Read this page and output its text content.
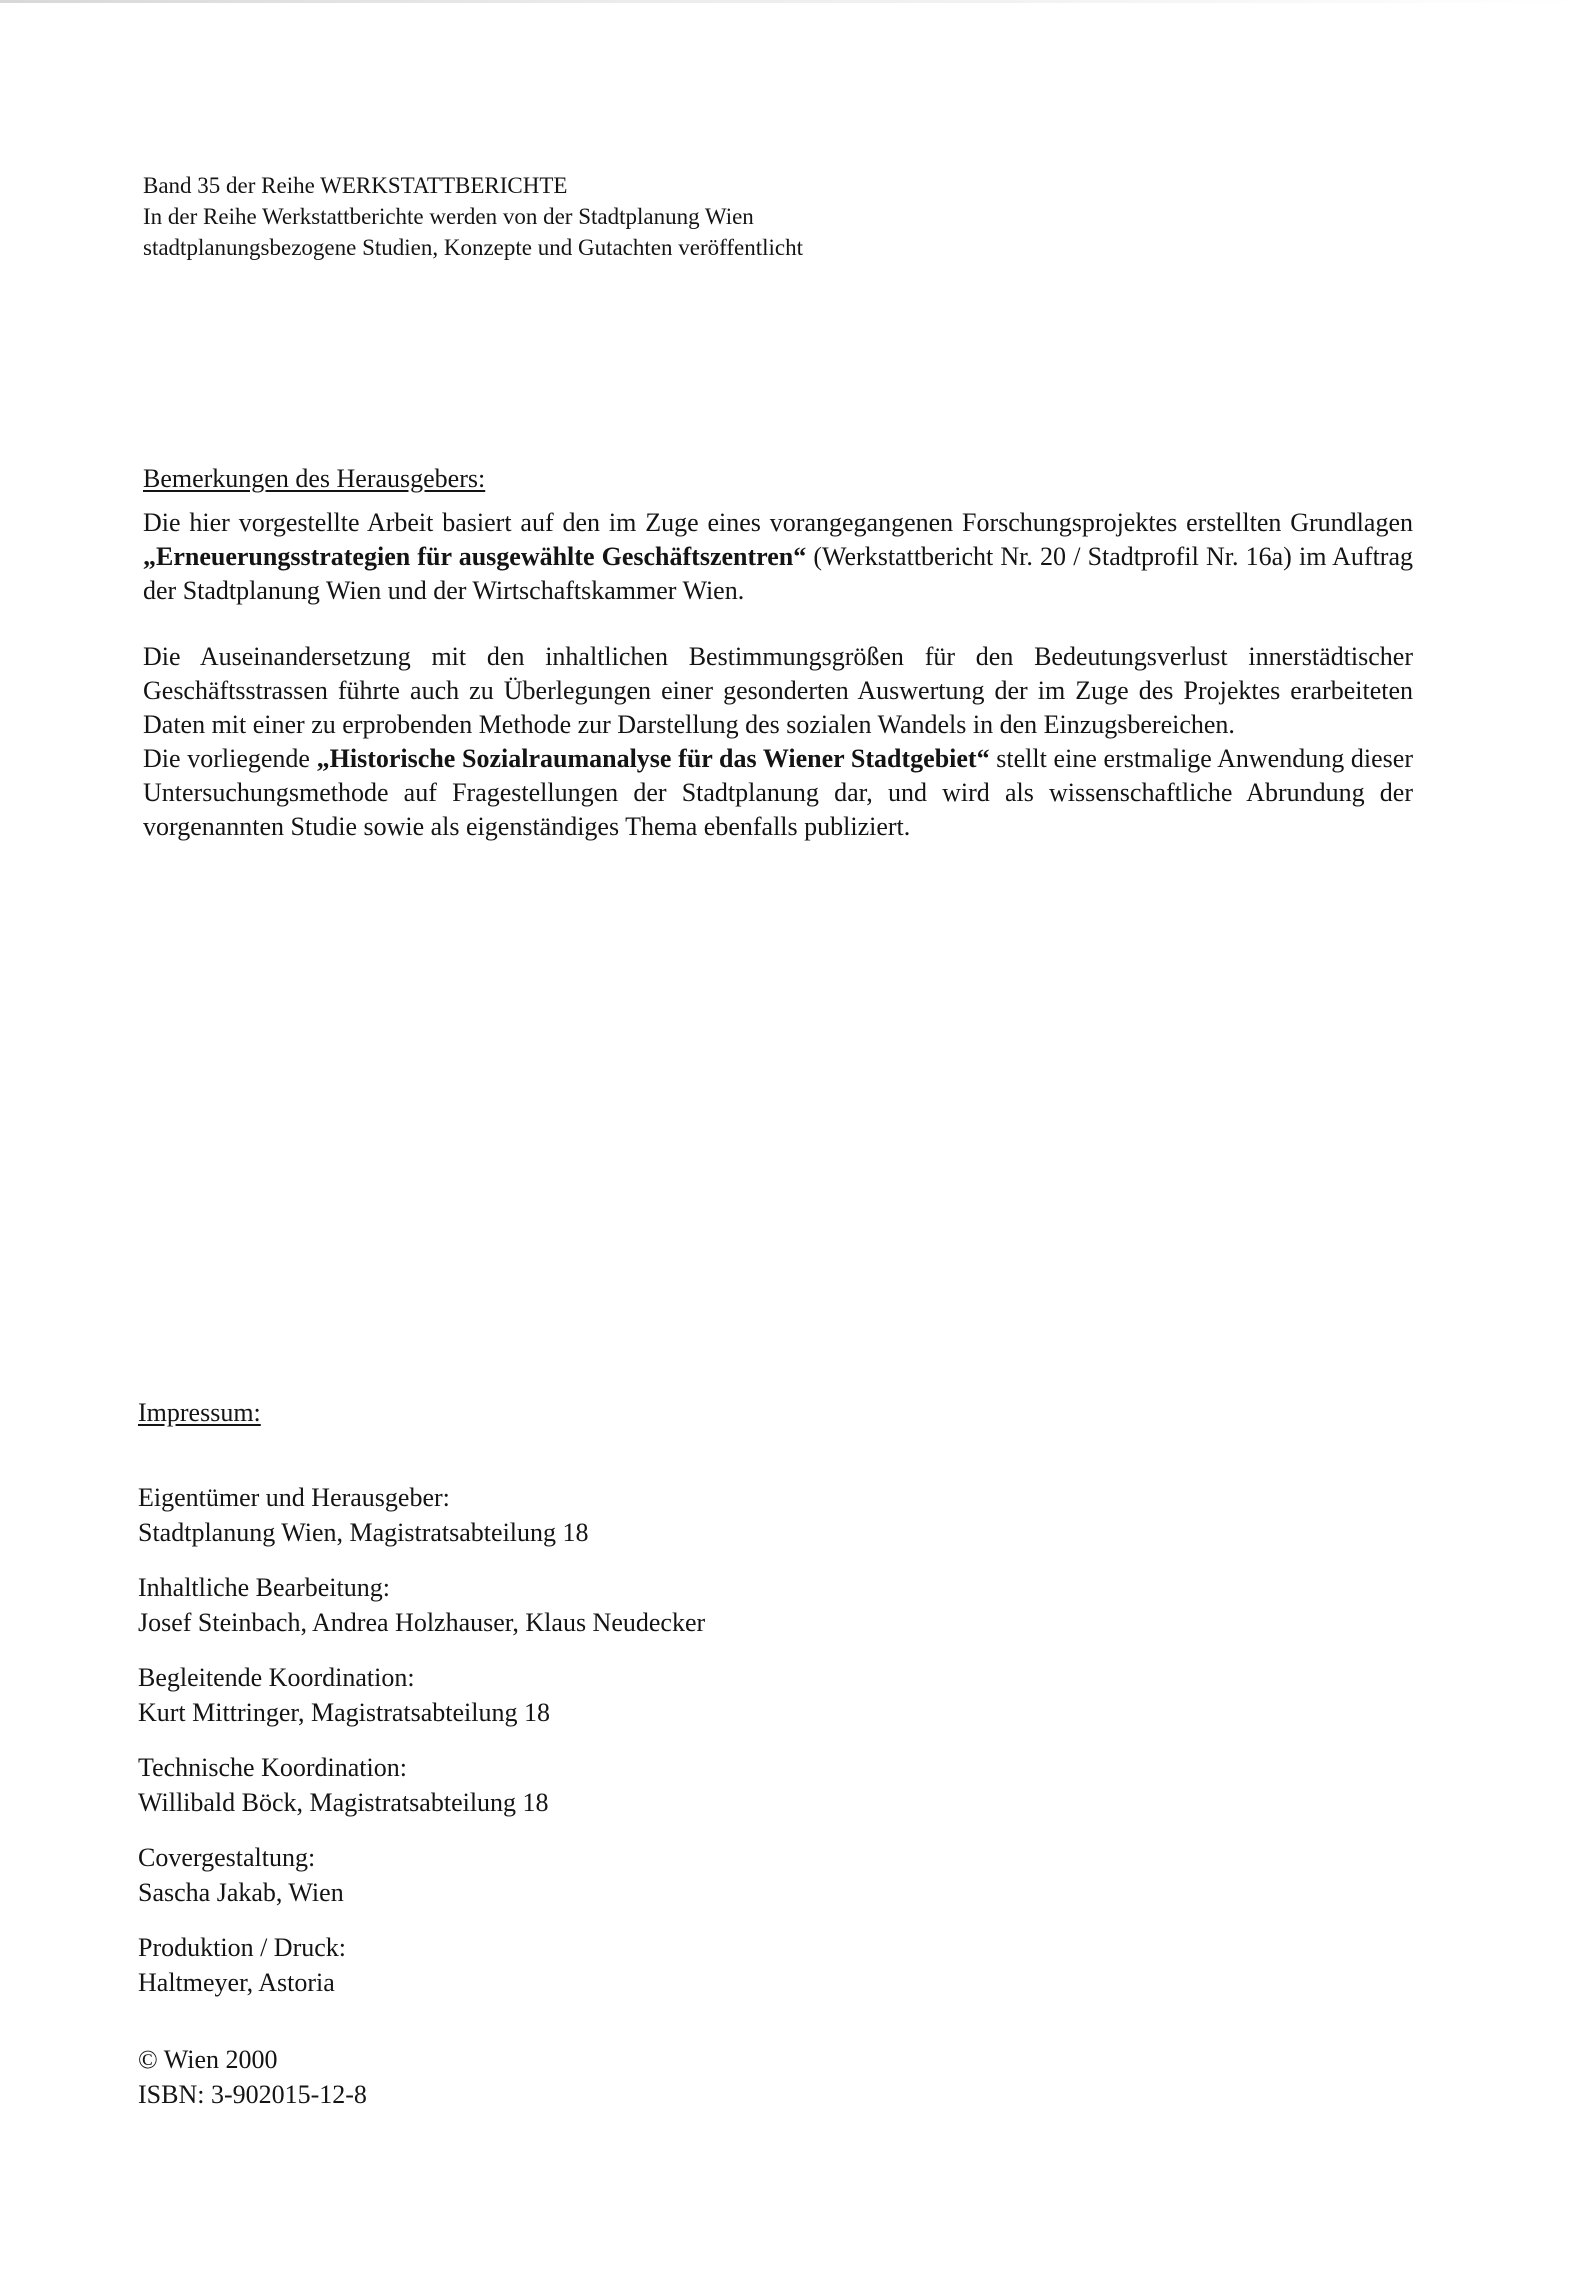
Band 35 der Reihe WERKSTATTBERICHTE
In der Reihe Werkstattberichte werden von der Stadtplanung Wien
stadtplanungsbezogene Studien, Konzepte und Gutachten veröffentlicht
Bemerkungen des Herausgebers:

Die hier vorgestellte Arbeit basiert auf den im Zuge eines vorangegangenen Forschungsprojektes erstellten Grundlagen „Erneuerungsstrategien für ausgewählte Geschäftszentren“ (Werkstattbericht Nr. 20 / Stadtprofil Nr. 16a) im Auftrag der Stadtplanung Wien und der Wirtschaftskammer Wien.

Die Auseinandersetzung mit den inhaltlichen Bestimmungsgrößen für den Bedeutungsverlust innerstädtischer Geschäftsstrassen führte auch zu Überlegungen einer gesonderten Auswertung der im Zuge des Projektes erarbeiteten Daten mit einer zu erprobenden Methode zur Darstellung des sozialen Wandels in den Einzugsbereichen.

Die vorliegende „Historische Sozialraumanalyse für das Wiener Stadtgebiet“ stellt eine erstmalige Anwendung dieser Untersuchungsmethode auf Fragestellungen der Stadtplanung dar, und wird als wissenschaftliche Abrundung der vorgenannten Studie sowie als eigenständiges Thema ebenfalls publiziert.

Impressum:
Eigentümer und Herausgeber:
Stadtplanung Wien, Magistratsabteilung 18
Inhaltliche Bearbeitung:
Josef Steinbach, Andrea Holzhauser, Klaus Neudecker
Begleitende Koordination:
Kurt Mittringer, Magistratsabteilung 18
Technische Koordination:
Willibald Böck, Magistratsabteilung 18
Covergestaltung:
Sascha Jakab, Wien
Produktion / Druck:
Haltmeyer, Astoria
© Wien 2000
ISBN: 3-902015-12-8
